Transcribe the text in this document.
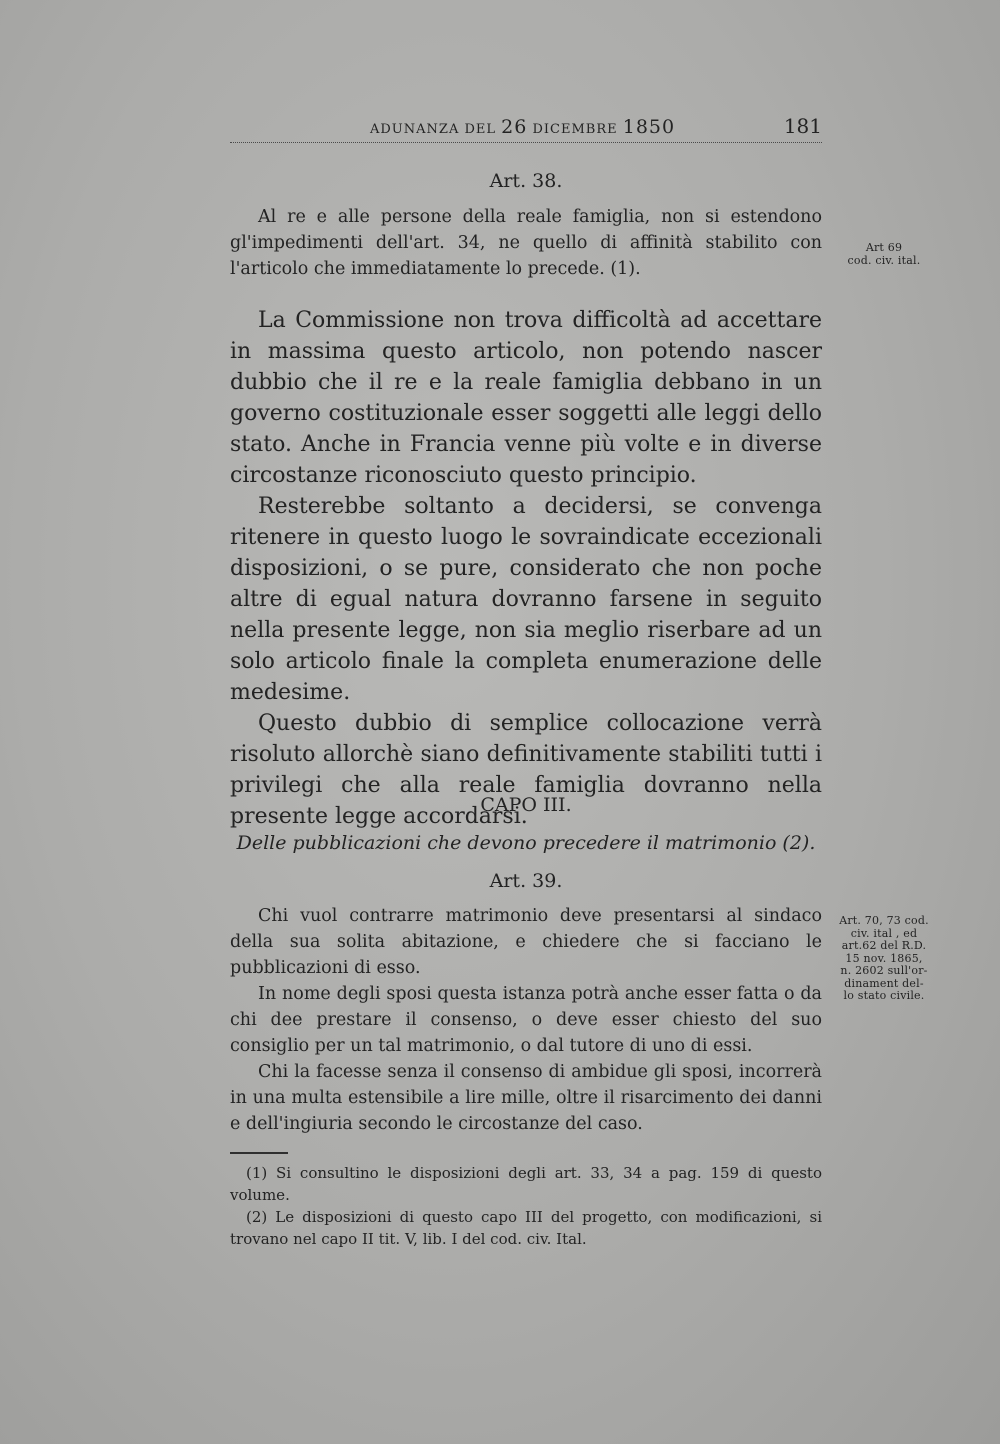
ADUNANZA DEL 26 DICEMBRE 1850	181
Art. 38.

Al re e alle persone della reale famiglia, non si estendono gl'impedimenti dell'art. 34, ne quello di affinità stabilito con l'articolo che immediatamente lo precede. (1).

Art 69
cod. civ. ital.

La Commissione non trova difficoltà ad accettare in massima questo articolo, non potendo nascer dubbio che il re e la reale famiglia debbano in un governo costituzionale esser soggetti alle leggi dello stato. Anche in Francia venne più volte e in diverse circostanze riconosciuto questo principio.

Resterebbe soltanto a decidersi, se convenga ritenere in questo luogo le sovraindicate eccezionali disposizioni, o se pure, considerato che non poche altre di egual natura dovranno farsene in seguito nella presente legge, non sia meglio riserbare ad un solo articolo finale la completa enumerazione delle medesime.

Questo dubbio di semplice collocazione verrà risoluto allorchè siano definitivamente stabiliti tutti i privilegi che alla reale famiglia dovranno nella presente legge accordarsi.

CAPO III.
Delle pubblicazioni che devono precedere il matrimonio (2).
Art. 39.

Chi vuol contrarre matrimonio deve presentarsi al sindaco della sua solita abitazione, e chiedere che si facciano le pubblicazioni di esso.

In nome degli sposi questa istanza potrà anche esser fatta o da chi dee prestare il consenso, o deve esser chiesto del suo consiglio per un tal matrimonio, o dal tutore di uno di essi.

Chi la facesse senza il consenso di ambidue gli sposi, incorrerà in una multa estensibile a lire mille, oltre il risarcimento dei danni e dell'ingiuria secondo le circostanze del caso.

Art. 70, 73 cod.
civ. ital , ed
art.62 del R.D.
15 nov. 1865,
n. 2602 sull'or-
dinament del-
lo stato civile.

(1) Si consultino le disposizioni degli art. 33, 34 a pag. 159 di questo volume.

(2) Le disposizioni di questo capo III del progetto, con modificazioni, si trovano nel capo II tit. V, lib. I del cod. civ. Ital.
